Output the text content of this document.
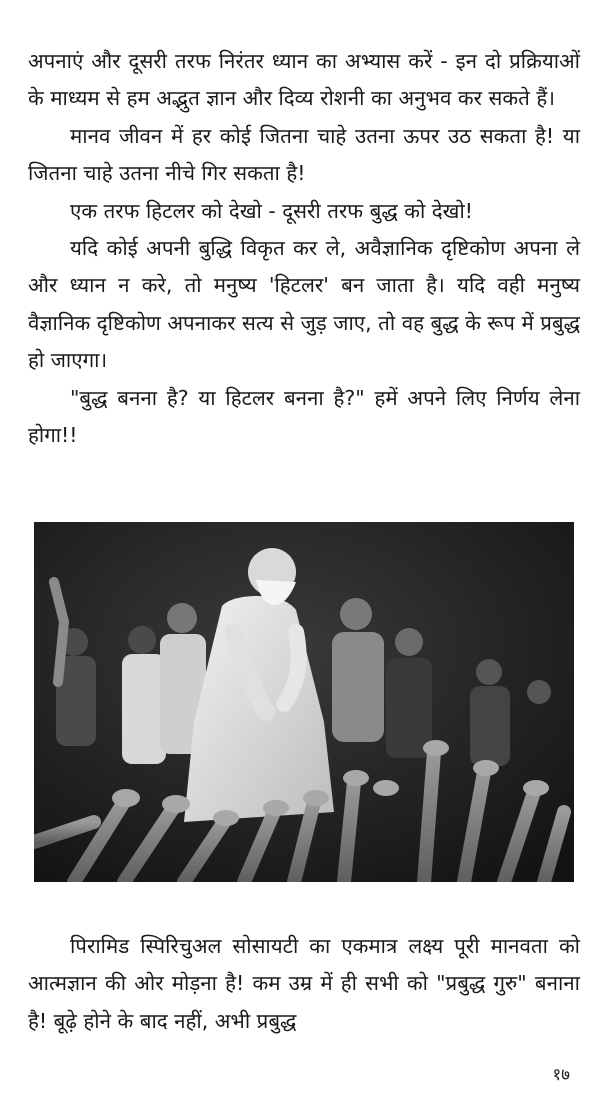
अपनाएं और दूसरी तरफ निरंतर ध्यान का अभ्यास करें - इन दो प्रक्रियाओं के माध्यम से हम अद्भुत ज्ञान और दिव्य रोशनी का अनुभव कर सकते हैं।

मानव जीवन में हर कोई जितना चाहे उतना ऊपर उठ सकता है! या जितना चाहे उतना नीचे गिर सकता है!

एक तरफ हिटलर को देखो - दूसरी तरफ बुद्ध को देखो!

यदि कोई अपनी बुद्धि विकृत कर ले, अवैज्ञानिक दृष्टिकोण अपना ले और ध्यान न करे, तो मनुष्य 'हिटलर' बन जाता है। यदि वही मनुष्य वैज्ञानिक दृष्टिकोण अपनाकर सत्य से जुड़ जाए, तो वह बुद्ध के रूप में प्रबुद्ध हो जाएगा।

"बुद्ध बनना है? या हिटलर बनना है?" हमें अपने लिए निर्णय लेना होगा!!

पिरामिड स्पिरिचुअल सोसायटी का एकमात्र लक्ष्य पूरी मानवता को आत्मज्ञान की ओर मोड़ना है! कम उम्र में ही सभी को "प्रबुद्ध गुरु" बनाना है! बूढ़े होने के बाद नहीं, अभी प्रबुद्ध

१७
